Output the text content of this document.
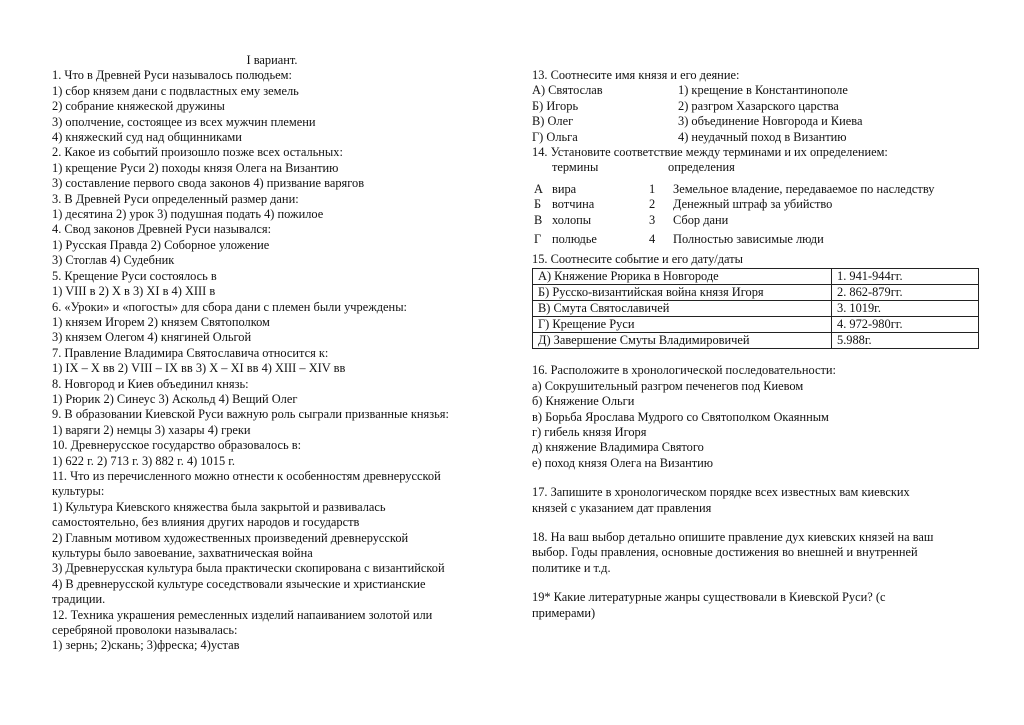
I вариант.
1. Что в Древней Руси называлось полюдьем:
1) сбор князем дани с подвластных ему земель
2) собрание княжеской дружины
3) ополчение, состоящее из всех мужчин племени
4) княжеский суд над общинниками
2. Какое из событий произошло позже всех остальных:
1) крещение Руси 2) походы князя Олега на Византию
3) составление первого свода законов 4) призвание варягов
3. В Древней Руси определенный размер дани:
1) десятина 2) урок 3) подушная подать 4) пожилое
4. Свод законов Древней Руси назывался:
1) Русская Правда 2) Соборное уложение
3) Стоглав 4) Судебник
5. Крещение Руси состоялось в
1) VIII в 2) X в 3) XI в 4) XIII в
6. «Уроки» и «погосты» для сбора дани с племен были учреждены:
1) князем Игорем 2) князем Святополком
3) князем Олегом 4) княгиней Ольгой
7. Правление Владимира Святославича относится к:
1) IX – X вв 2) VIII – IX вв 3) X – XI вв 4) XIII – XIV вв
8. Новгород и Киев объединил князь:
1) Рюрик 2) Синеус 3) Аскольд 4) Вещий Олег
9. В образовании Киевской Руси важную роль сыграли призванные князья:
1) варяги 2) немцы 3) хазары 4) греки
10. Древнерусское государство образовалось в:
1) 622 г. 2) 713 г. 3) 882 г. 4) 1015 г.
11. Что из перечисленного можно отнести к особенностям древнерусской
культуры:
1) Культура Киевского княжества была закрытой и развивалась
самостоятельно, без влияния других народов и государств
2) Главным мотивом художественных произведений древнерусской
культуры было завоевание, захватническая война
3) Древнерусская культура была практически скопирована с византийской
4) В древнерусской культуре соседствовали языческие и христианские
традиции.
12. Техника украшения ремесленных изделий напаиванием золотой или
серебряной проволоки называлась:
1) зернь; 2)скань; 3)фреска; 4)устав
13. Соотнесите имя князя и его деяние:
А) Святослав	1) крещение в Константинополе
Б) Игорь	2) разгром Хазарского царства
В) Олег	3) объединение Новгорода и Киева
Г) Ольга	4) неудачный поход в Византию
14. Установите соответствие между терминами и их определением:
термины	определения
А вира	1 Земельное владение, передаваемое по наследству
Б вотчина	2 Денежный штраф за убийство
В холопы	3 Сбор дани
Г полюдье	4 Полностью зависимые люди
15. Соотнесите событие и его дату/даты
А) Княжение Рюрика в Новгороде	1. 941-944гг.
Б) Русско-византийская война князя Игоря	2. 862-879гг.
В) Смута Святославичей	3. 1019г.
Г) Крещение Руси	4. 972-980гг.
Д) Завершение Смуты Владимировичей	5.988г.
16. Расположите в хронологической последовательности:
а) Сокрушительный разгром печенегов под Киевом
б) Княжение Ольги
в) Борьба Ярослава Мудрого со Святополком Окаянным
г) гибель князя Игоря
д) княжение Владимира Святого
е) поход князя Олега на Византию
17. Запишите в хронологическом порядке всех известных вам киевских
князей с указанием дат правления
18. На ваш выбор детально опишите правление дух киевских князей на ваш
выбор. Годы правления, основные достижения во внешней и внутренней
политике и т.д.
19* Какие литературные жанры существовали в Киевской Руси? (с
примерами)
